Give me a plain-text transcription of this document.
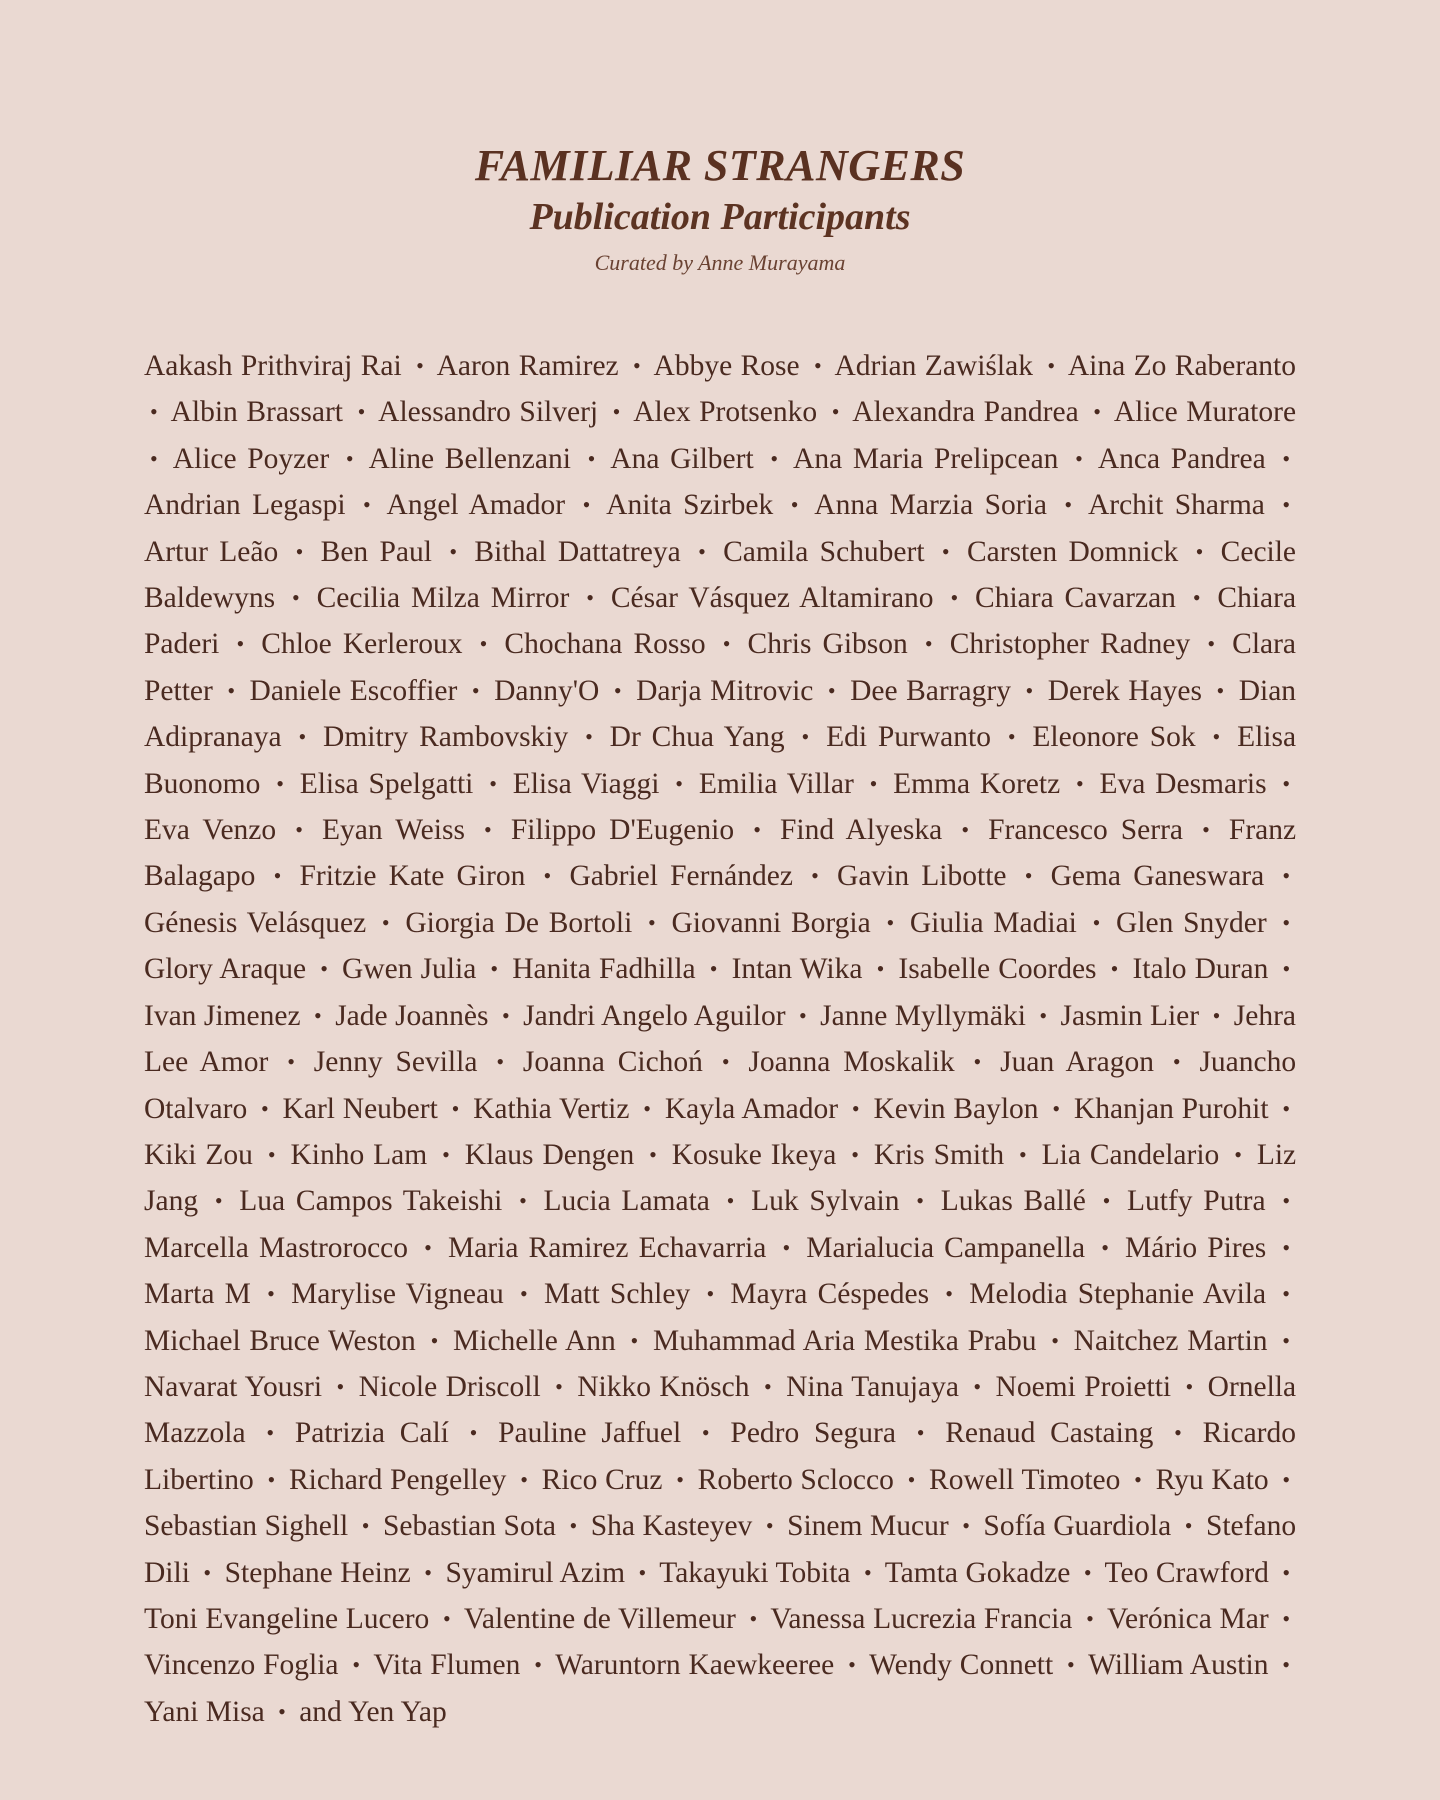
FAMILIAR STRANGERS
Publication Participants

Curated by Anne Murayama

Aakash Prithviraj Rai • Aaron Ramirez • Abbye Rose • Adrian Zawiślak • Aina Zo Raberanto • Albin Brassart • Alessandro Silverj • Alex Protsenko • Alexandra Pandrea • Alice Muratore • Alice Poyzer • Aline Bellenzani • Ana Gilbert • Ana Maria Prelipcean • Anca Pandrea • Andrian Legaspi • Angel Amador • Anita Szirbek • Anna Marzia Soria • Archit Sharma • Artur Leão • Ben Paul • Bithal Dattatreya • Camila Schubert • Carsten Domnick • Cecile Baldewyns • Cecilia Milza Mirror • César Vásquez Altamirano • Chiara Cavarzan • Chiara Paderi • Chloe Kerleroux • Chochana Rosso • Chris Gibson • Christopher Radney • Clara Petter • Daniele Escoffier • Danny'O • Darja Mitrovic • Dee Barragry • Derek Hayes • Dian Adipranaya • Dmitry Rambovskiy • Dr Chua Yang • Edi Purwanto • Eleonore Sok • Elisa Buonomo • Elisa Spelgatti • Elisa Viaggi • Emilia Villar • Emma Koretz • Eva Desmaris • Eva Venzo • Eyan Weiss • Filippo D'Eugenio • Find Alyeska • Francesco Serra • Franz Balagapo • Fritzie Kate Giron • Gabriel Fernández • Gavin Libotte • Gema Ganeswara • Génesis Velásquez • Giorgia De Bortoli • Giovanni Borgia • Giulia Madiai • Glen Snyder • Glory Araque • Gwen Julia • Hanita Fadhilla • Intan Wika • Isabelle Coordes • Italo Duran • Ivan Jimenez • Jade Joannès • Jandri Angelo Aguilor • Janne Myllymäki • Jasmin Lier • Jehra Lee Amor • Jenny Sevilla • Joanna Cichoń • Joanna Moskalik • Juan Aragon • Juancho Otalvaro • Karl Neubert • Kathia Vertiz • Kayla Amador • Kevin Baylon • Khanjan Purohit • Kiki Zou • Kinho Lam • Klaus Dengen • Kosuke Ikeya • Kris Smith • Lia Candelario • Liz Jang • Lua Campos Takeishi • Lucia Lamata • Luk Sylvain • Lukas Ballé • Lutfy Putra • Marcella Mastrorocco • Maria Ramirez Echavarria • Marialucia Campanella • Mário Pires • Marta M • Marylise Vigneau • Matt Schley • Mayra Céspedes • Melodia Stephanie Avila • Michael Bruce Weston • Michelle Ann • Muhammad Aria Mestika Prabu • Naitchez Martin • Navarat Yousri • Nicole Driscoll • Nikko Knösch • Nina Tanujaya • Noemi Proietti • Ornella Mazzola • Patrizia Calí • Pauline Jaffuel • Pedro Segura • Renaud Castaing • Ricardo Libertino • Richard Pengelley • Rico Cruz • Roberto Sclocco • Rowell Timoteo • Ryu Kato • Sebastian Sighell • Sebastian Sota • Sha Kasteyev • Sinem Mucur • Sofía Guardiola • Stefano Dili • Stephane Heinz • Syamirul Azim • Takayuki Tobita • Tamta Gokadze • Teo Crawford • Toni Evangeline Lucero • Valentine de Villemeur • Vanessa Lucrezia Francia • Verónica Mar • Vincenzo Foglia • Vita Flumen • Waruntorn Kaewkeeree • Wendy Connett • William Austin • Yani Misa • and Yen Yap
